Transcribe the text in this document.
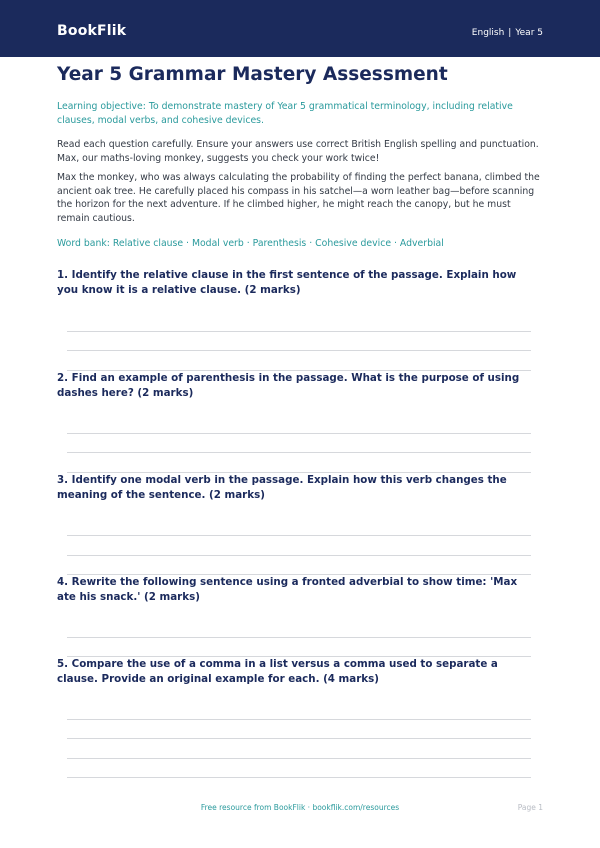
BookFlik	English | Year 5
Year 5 Grammar Mastery Assessment
Learning objective: To demonstrate mastery of Year 5 grammatical terminology, including relative clauses, modal verbs, and cohesive devices.
Read each question carefully. Ensure your answers use correct British English spelling and punctuation. Max, our maths-loving monkey, suggests you check your work twice!
Max the monkey, who was always calculating the probability of finding the perfect banana, climbed the ancient oak tree. He carefully placed his compass in his satchel—a worn leather bag—before scanning the horizon for the next adventure. If he climbed higher, he might reach the canopy, but he must remain cautious.
Word bank: Relative clause · Modal verb · Parenthesis · Cohesive device · Adverbial
1. Identify the relative clause in the first sentence of the passage. Explain how you know it is a relative clause. (2 marks)
2. Find an example of parenthesis in the passage. What is the purpose of using dashes here? (2 marks)
3. Identify one modal verb in the passage. Explain how this verb changes the meaning of the sentence. (2 marks)
4. Rewrite the following sentence using a fronted adverbial to show time: 'Max ate his snack.' (2 marks)
5. Compare the use of a comma in a list versus a comma used to separate a clause. Provide an original example for each. (4 marks)
Free resource from BookFlik · bookflik.com/resources	Page 1
